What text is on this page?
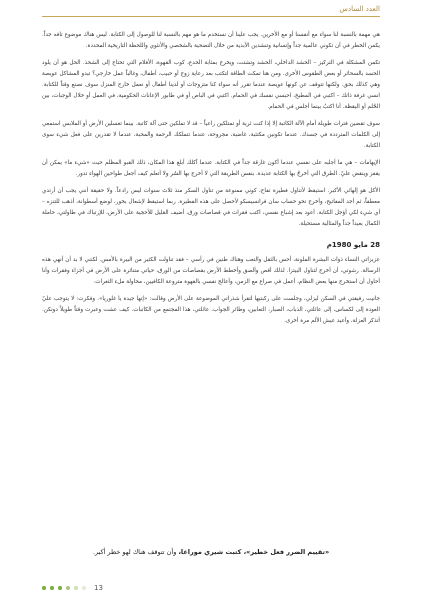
العدد السادس

هي مهمة بالنسبة لنا سواء مع أنفسنا أو مع الأخرين. يجب علينا أن نستخدم ما هو مهم بالنسبة لنا للوصول إلى الكتابة. ليس هناك موضوع تافه جداً. يكمن الخطر في أن تكوني عالمية جداً وإنسانية وتنشدين الأبدية من خلال التضحية بالشخصي والأنثوي واللحظة التاريخية المحددة.

تكمن المشكلة في التركيز – الحشد الداخلي، الحشد وتشتت، ويخرج بمثابة الحدع، كوب القهوة، الأفلام التي تحتاج إلى الشحذ. الحل هو أن يلود الحسد بالسحائر أو بعض الطقوس الأخرى. ومن هنا تمكث الطاقة لتكتب بعد رعاية زوج أو حبيب، أطفال، وغالباً عمل خارجي؟ تبدو المشاكل عويصة وهي كذلك بحق. ولكنها تتوقف عن كونها عويصة عندما تقرر أنه سواء كنا متزوجات أو لدينا أطفال أو نعمل خارج المنزل سوف نصنع وقتاً للكتابة. انسي غرفة ذاتك – اكتبي في المطبخ، احبسي نفسك في الحمام. اكتبي في الباص أو في طابور الإعانات الحكومية، في العمل أو خلال الوجبات، بين الحُلم أو اليقظة. أنا اكتبُ بينما أجلس في الحمام.

سوف تقضين فترات طويلة أمام الآلة الكاتبة إلا إذا كنت ثرية أو تمتلكين راعياً – قد لا تملكين حتى آلة كاتبة. بينما تغسلين الأرض أو الملابس استمعي إلى الكلمات المترددة في جسدك. عندما تكونين مكتئبة، غاضبة، مجروحة، عندما تتملكك الرحمة والمحبة، عندما لا تقدرين على فعل شيء سوى الكتابة.

الإيهامات – هي ما أجلبه على نفسي عندما أكون غارقة جداً في الكتابة. عندما آكلك أبلغ هذا المكان، ذلك القبو المظلم حيث «شيء ما» يمكن أن يقفز وينقض عليّ. الطرق التي أخرجُ بها الكتابة عديدة. بنفس الطريقة التي لا أخرج بها السُر ولا أتعلم كيف أجعل طواحين الهواء تدور.

الأكل هو إلهائي الأكبر. استيقظ لأتناول فطيرة تفاح، كوني ممنوعة من تناول السكر منذ ثلاث سنوات ليس رادعاً. ولا حقيقة أنني يجب أن أرتدي معطفاً، ثم أجد المفاتيح، وأخرج نحو حساب سان فرانسيسكو لأحصل على هذه الفطيرة. ربما استيقظ لإشعال بخور، لوضع أسطوانة، أذهب للتنزه – أي شيء لكي أؤجل الكتابة. أعود بعد إشباع نفسي، اكتب فقرات في قصاصات ورق، أضيف القليل للأحجية على الأرض، للإرتباك في طاولتي، حاملة الكمال بعيداً جداً والمثالية مستحيلة.

28 مايو 1980م

عزيزاتي النساء ذوات البشرة الملونة، أحس بالثقل والتعب وهناك طنين في رأسي – فقد تناولت الكثير من البيرة بالأمس. لكنني لا بد أن أنهي هذه الرسالة. رشوتي، أن أخرج لتناول البيتزا. لذلك أقص وألصق وأخطط الأرض بقصاصات من الورق، حياتي متناثرة على الأرض في أجزاء وفقرات وأنا أحاول أن استخرج منها بعض النظام، أعمل في صراع مع الزمن، وأعالج نفسي بالقهوة متروعة الكافيين، محاولة ملء الثغرات.

جانيت رفيقتي في السكن ليزلي، وجلست على ركبتيها لتقرأ شذراتي الموضوعة على الأرض وقالت: «إنها جيدة يا غلوريا». وفكرت: لا يتوجب عليّ العودة إلى لكساس، إلى عائلتي، الذباب، الصبار، التعابين، وطائر الجواب. عائلتي، هذا المجتمع من الكاتبات. كيف عشت وعبرت وقتاً طويلاً دونكن. أتذكر العزلة، وأعيد عيش الألم مرة أخرى.

«تقييم الضرر فعل خطير»، كتبت شيري موراغا، وأن تتوقف هناك لهو خطر أكبر.
13
